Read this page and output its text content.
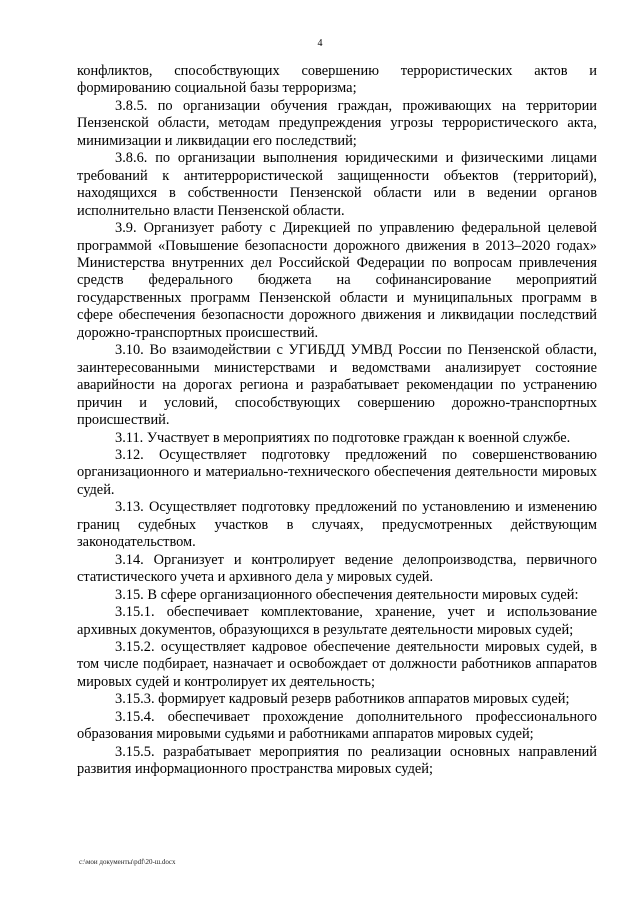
4

конфликтов, способствующих совершению террористических актов и формированию социальной базы терроризма;

3.8.5. по организации обучения граждан, проживающих на территории Пензенской области, методам предупреждения угрозы террористического акта, минимизации и ликвидации его последствий;

3.8.6. по организации выполнения юридическими и физическими лицами требований к антитеррористической защищенности объектов (территорий), находящихся в собственности Пензенской области или в ведении органов исполнительно власти Пензенской области.

3.9. Организует работу с Дирекцией по управлению федеральной целевой программой «Повышение безопасности дорожного движения в 2013–2020 годах» Министерства внутренних дел Российской Федерации по вопросам привлечения средств федерального бюджета на софинансирование мероприятий государственных программ Пензенской области и муниципальных программ в сфере обеспечения безопасности дорожного движения и ликвидации последствий дорожно-транспортных происшествий.

3.10. Во взаимодействии с УГИБДД УМВД России по Пензенской области, заинтересованными министерствами и ведомствами анализирует состояние аварийности на дорогах региона и разрабатывает рекомендации по устранению причин и условий, способствующих совершению дорожно-транспортных происшествий.

3.11. Участвует в мероприятиях по подготовке граждан к военной службе.

3.12. Осуществляет подготовку предложений по совершенствованию организационного и материально-технического обеспечения деятельности мировых судей.

3.13. Осуществляет подготовку предложений по установлению и изменению границ судебных участков в случаях, предусмотренных действующим законодательством.

3.14. Организует и контролирует ведение делопроизводства, первичного статистического учета и архивного дела у мировых судей.

3.15. В сфере организационного обеспечения деятельности мировых судей:

3.15.1. обеспечивает комплектование, хранение, учет и использование архивных документов, образующихся в результате деятельности мировых судей;

3.15.2. осуществляет кадровое обеспечение деятельности мировых судей, в том числе подбирает, назначает и освобождает от должности работников аппаратов мировых судей и контролирует их деятельность;

3.15.3. формирует кадровый резерв работников аппаратов мировых судей;

3.15.4. обеспечивает прохождение дополнительного профессионального образования мировыми судьями и работниками аппаратов мировых судей;

3.15.5. разрабатывает мероприятия по реализации основных направлений развития информационного пространства мировых судей;

c:\мои документы\pdf\20-ш.docx
